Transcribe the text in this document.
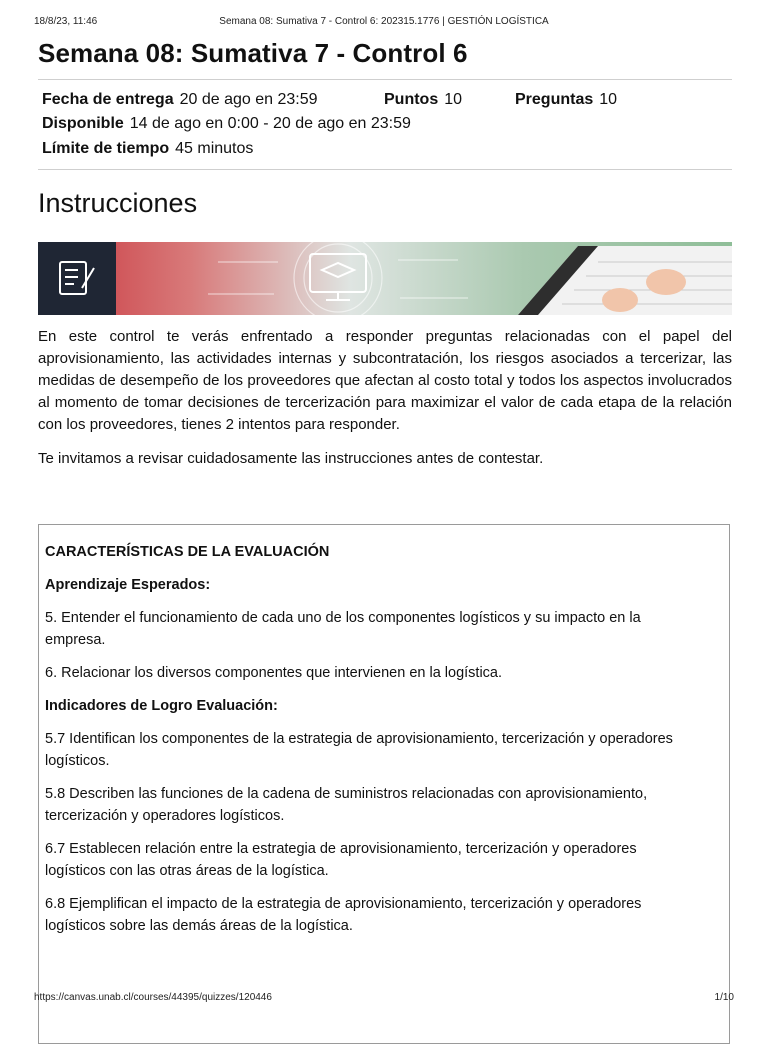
18/8/23, 11:46	Semana 08: Sumativa 7 - Control 6: 202315.1776 | GESTIÓN LOGÍSTICA
Semana 08: Sumativa 7 - Control 6
Fecha de entrega 20 de ago en 23:59	Puntos 10	Preguntas 10
Disponible 14 de ago en 0:00 - 20 de ago en 23:59
Límite de tiempo 45 minutos
Instrucciones

En este control te verás enfrentado a responder preguntas relacionadas con el papel del aprovisionamiento, las actividades internas y subcontratación, los riesgos asociados a tercerizar, las medidas de desempeño de los proveedores que afectan al costo total y todos los aspectos involucrados al momento de tomar decisiones de tercerización para maximizar el valor de cada etapa de la relación con los proveedores, tienes 2 intentos para responder.

Te invitamos a revisar cuidadosamente las instrucciones antes de contestar.

CARACTERÍSTICAS DE LA EVALUACIÓN
Aprendizaje Esperados:
5. Entender el funcionamiento de cada uno de los componentes logísticos y su impacto en la
empresa.
6. Relacionar los diversos componentes que intervienen en la logística.
Indicadores de Logro Evaluación:
5.7 Identifican los componentes de la estrategia de aprovisionamiento, tercerización y operadores
logísticos.
5.8 Describen las funciones de la cadena de suministros relacionadas con aprovisionamiento,
tercerización y operadores logísticos.
6.7 Establecen relación entre la estrategia de aprovisionamiento, tercerización y operadores
logísticos con las otras áreas de la logística.
6.8 Ejemplifican el impacto de la estrategia de aprovisionamiento, tercerización y operadores
logísticos sobre las demás áreas de la logística.
https://canvas.unab.cl/courses/44395/quizzes/120446	1/10
